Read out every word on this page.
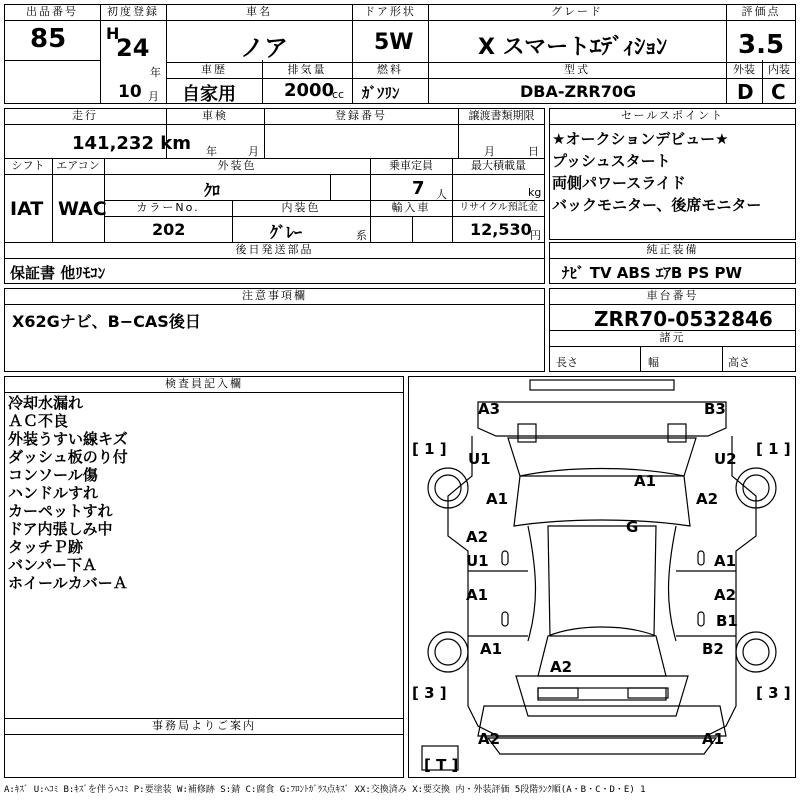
出品番号
85
初度登録
H
24
年
10 月
車名
ノア
車歴
自家用
排気量
2000
cc
ドア形状
5W
燃料
ｶﾞｿﾘﾝ
グレード
X スマートｴﾃﾞｨｼｮﾝ
型式
DBA-ZRR70G
評価点
3.5
外装
D
内装
C
走行
141,232 km
車検
年	月
登録番号	譲渡書類期限
月	日
シフト
IAT
エアコン
WAC
外装色
ｸﾛ
乗車定員
7 人
最大積載量
kg
カラーNo.
202
内装色
ｸﾞﾚｰ	系
輸入車	リサイクル預託金
12,530
円
後日発送部品
保証書 他ﾘﾓｺﾝ
セールスポイント
★オークションデビュー★
プッシュスタート
両側パワースライド
バックモニター、後席モニター
純正装備
ﾅﾋﾞ TV ABS ｴｱB PS PW
注意事項欄
X62Gナビ、B−CAS後日
車台番号
ZRR70-0532846
諸元
長さ	幅	高さ
検査員記入欄
冷却水漏れ
ＡＣ不良
外装うすい線キズ
ダッシュ板のり付
コンソール傷
ハンドルすれ
カーペットすれ
ドア内張しみ中
タッチＰ跡
バンパー下Ａ
ホイールカバーＡ
事務局よりご案内
[ 1 ]	[ 1 ]
[ 3 ]	[ 3 ]
[ T ]
A3	B3
U1	U2
A1	A2
A1
G
A2
U1	A1
A1	A2
B1
A1	B2
A2
A2	A1
A:ｷｽﾞ U:ﾍｺﾐ B:ｷｽﾞを伴うﾍｺﾐ P:要塗装 W:補修跡 S:錆 C:腐食 G:ﾌﾛﾝﾄｶﾞﾗｽ点ｷｽﾞ XX:交換済み X:要交換 内・外装評価 5段階ﾗﾝｸ順(A・B・C・D・E) 1
